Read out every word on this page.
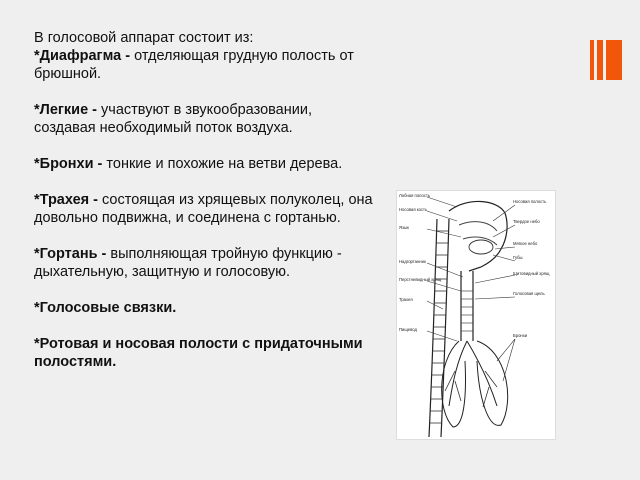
В голосовой аппарат состоит из:

*Диафрагма - отделяющая грудную полость от брюшной.

*Легкие - участвуют в звукообразовании, создавая необходимый поток воздуха.

*Бронхи - тонкие и похожие на ветви дерева.

*Трахея - состоящая из хрящевых полуколец, она довольно подвижна, и соединена с гортанью.

*Гортань - выполняющая тройную функцию - дыхательную, защитную и голосовую.

*Голосовые связки.

*Ротовая и носовая полости с придаточными полостями.

Лобная полость
Носовая полость
Носовая кость
Твердое небо
Язык
Мягкое небо
Губы
Надгортанник
Трахея
Щитовидный хрящ
Перстневидный хрящ
Пищевод
Голосовая щель
Бронхи
